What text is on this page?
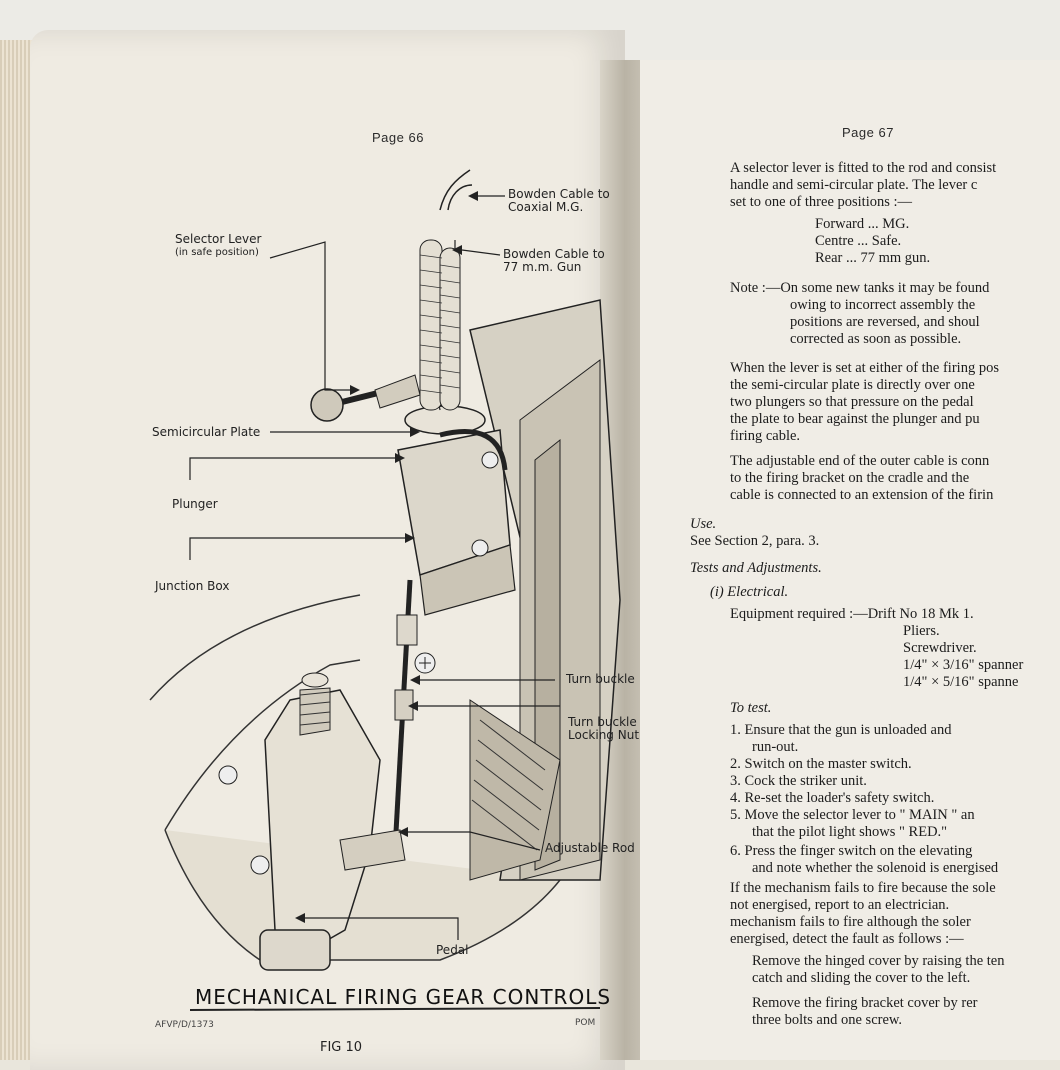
Page 66
Bowden Cable to
Coaxial M.G.
Selector Lever
(in safe position)	Bowden Cable to
77 m.m. Gun
Semicircular Plate
Plunger
Junction Box
Turn buckle
Turn buckle
Locking Nut
Adjustable Rod
Pedal
MECHANICAL FIRING GEAR CONTROLS
AFVP/D/1373	POM
FIG 10
Page 67
A selector lever is fitted to the rod and consist
handle and semi-circular plate. The lever c
set to one of three positions :—
Forward ... MG.
Centre ... Safe.
Rear ... 77 mm gun.
Note :—On some new tanks it may be found
owing to incorrect assembly the
positions are reversed, and shoul
corrected as soon as possible.
When the lever is set at either of the firing pos
the semi-circular plate is directly over one
two plungers so that pressure on the pedal
the plate to bear against the plunger and pu
firing cable.
The adjustable end of the outer cable is conn
to the firing bracket on the cradle and the
cable is connected to an extension of the firin
Use.
See Section 2, para. 3.
Tests and Adjustments.
(i) Electrical.
Equipment required :—Drift No 18 Mk 1.
Pliers.
Screwdriver.
1/4" × 3/16" spanner
1/4" × 5/16" spanne
To test.
1. Ensure that the gun is unloaded and
run-out.
2. Switch on the master switch.
3. Cock the striker unit.
4. Re-set the loader's safety switch.
5. Move the selector lever to " MAIN " an
that the pilot light shows " RED."
6. Press the finger switch on the elevating
and note whether the solenoid is energised
If the mechanism fails to fire because the sole
not energised, report to an electrician.
mechanism fails to fire although the soler
energised, detect the fault as follows :—
Remove the hinged cover by raising the ten
catch and sliding the cover to the left.
Remove the firing bracket cover by rer
three bolts and one screw.
